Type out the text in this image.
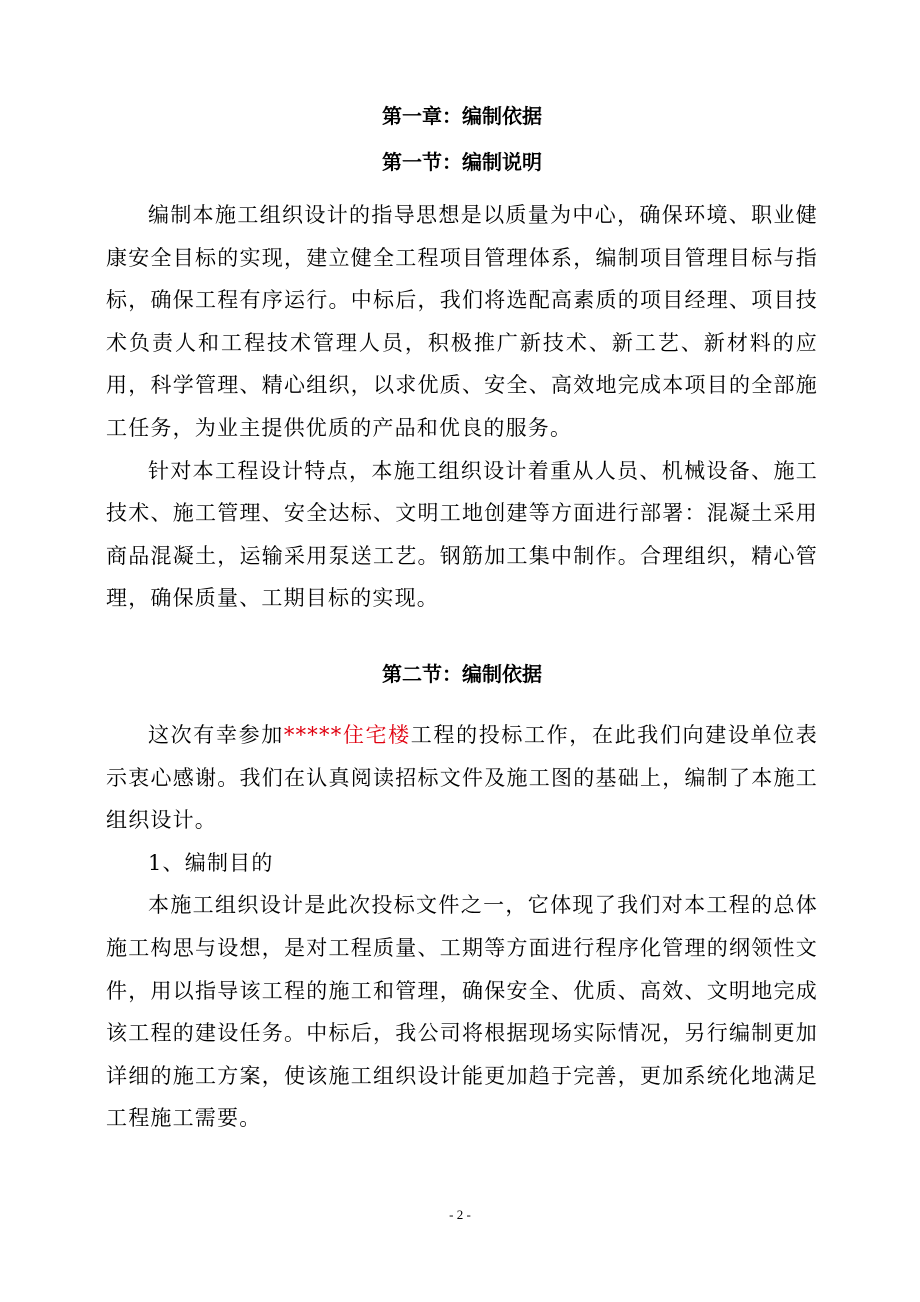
第一章：编制依据
第一节：编制说明

编制本施工组织设计的指导思想是以质量为中心，确保环境、职业健康安全目标的实现，建立健全工程项目管理体系，编制项目管理目标与指标，确保工程有序运行。中标后，我们将选配高素质的项目经理、项目技术负责人和工程技术管理人员，积极推广新技术、新工艺、新材料的应用，科学管理、精心组织，以求优质、安全、高效地完成本项目的全部施工任务，为业主提供优质的产品和优良的服务。

针对本工程设计特点，本施工组织设计着重从人员、机械设备、施工技术、施工管理、安全达标、文明工地创建等方面进行部署：混凝土采用商品混凝土，运输采用泵送工艺。钢筋加工集中制作。合理组织，精心管理，确保质量、工期目标的实现。

第二节：编制依据

这次有幸参加*****住宅楼工程的投标工作，在此我们向建设单位表示衷心感谢。我们在认真阅读招标文件及施工图的基础上，编制了本施工组织设计。

1、编制目的

本施工组织设计是此次投标文件之一，它体现了我们对本工程的总体施工构思与设想，是对工程质量、工期等方面进行程序化管理的纲领性文件，用以指导该工程的施工和管理，确保安全、优质、高效、文明地完成该工程的建设任务。中标后，我公司将根据现场实际情况，另行编制更加详细的施工方案，使该施工组织设计能更加趋于完善，更加系统化地满足工程施工需要。

- 2 -
